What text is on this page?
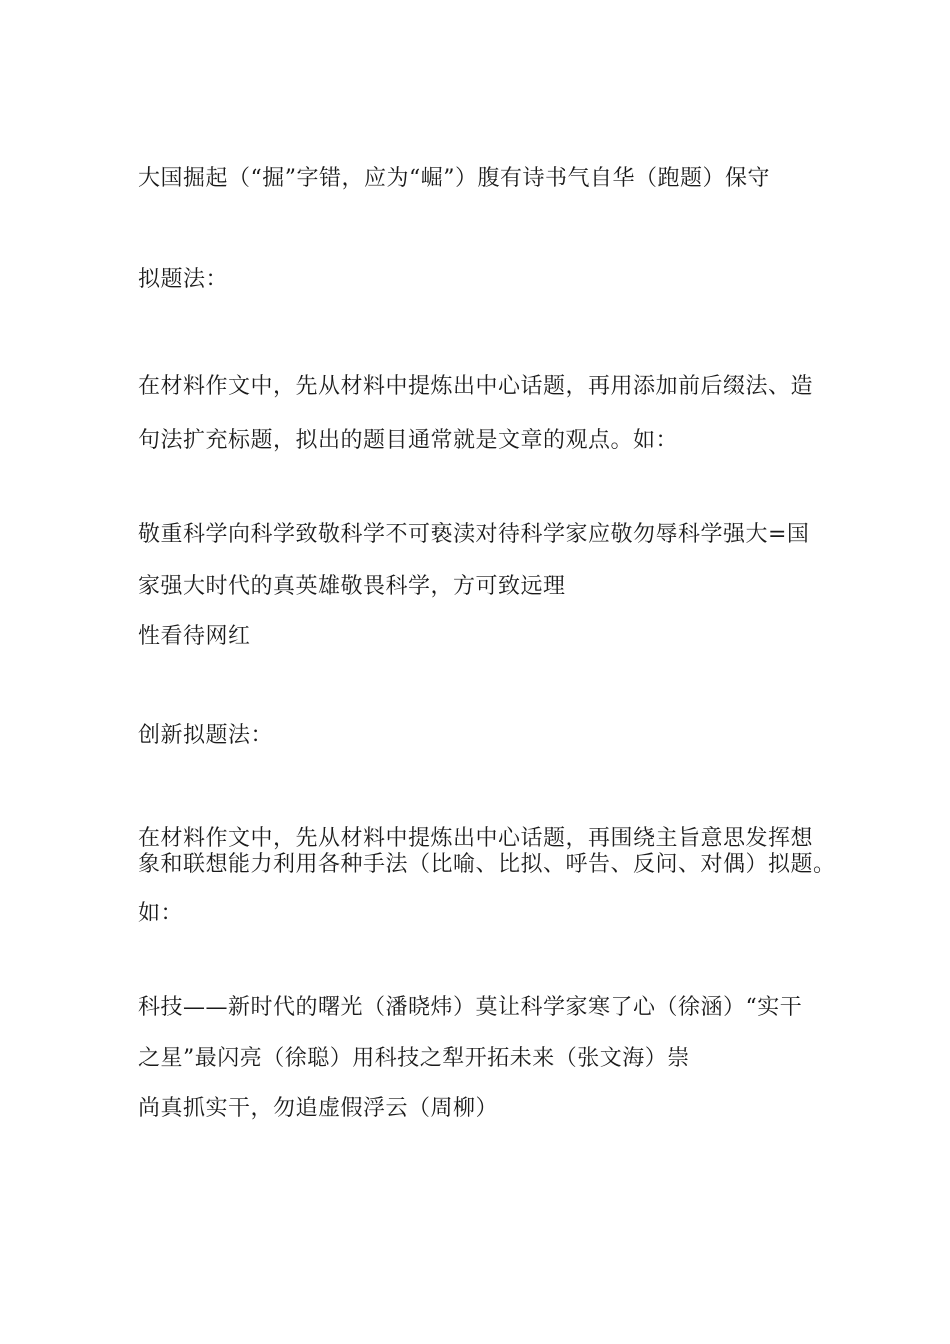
大国掘起（“掘”字错，应为“崛”）腹有诗书气自华（跑题）保守
拟题法：
在材料作文中，先从材料中提炼出中心话题，再用添加前后缀法、造
句法扩充标题，拟出的题目通常就是文章的观点。如：
敬重科学向科学致敬科学不可亵渎对待科学家应敬勿辱科学强大=国
家强大时代的真英雄敬畏科学，方可致远理
性看待网红
创新拟题法：
在材料作文中，先从材料中提炼出中心话题，再围绕主旨意思发挥想
象和联想能力利用各种手法（比喻、比拟、呼告、反问、对偶）拟题。
如：
科技——新时代的曙光（潘晓炜）莫让科学家寒了心（徐涵）“实干
之星”最闪亮（徐聪）用科技之犁开拓未来（张文海）崇
尚真抓实干，勿追虚假浮云（周柳）
